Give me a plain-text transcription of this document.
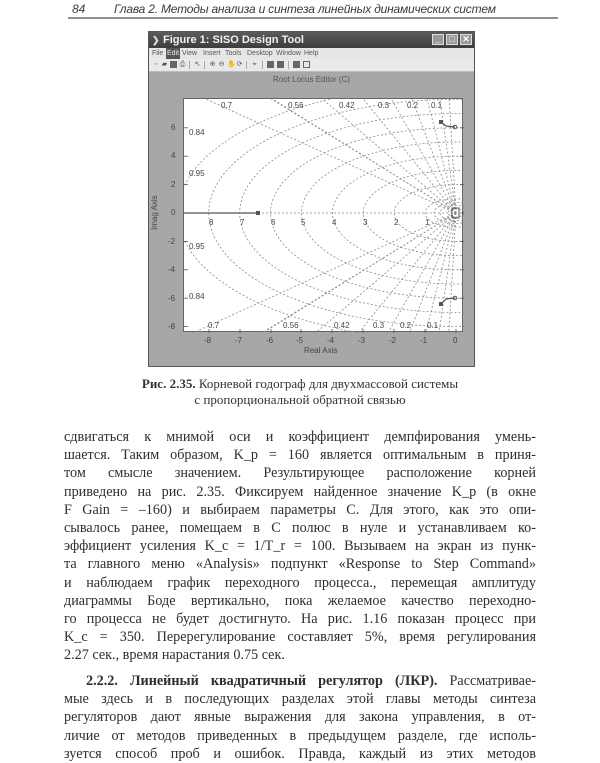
84 Глава 2. Методы анализа и синтеза линейных динамических систем
❯ Figure 1: SISO Design Tool	_ □ ✕
File Edit View Insert Tools Desktop Window Help
▫ ▰ ⎙ ↖ ⊕ ⊖ ✋ ⟳ ⌖
Root Locus Editor (C)
0.7	0.56	0.42	0.3 0.2 0.1
0.84
0.95
0.95
0.84
0.7	0.56	0.42	0.3 0.2 0.1
8	7	6	5	4	3	2	1
6
4
2
0
-2
-4
-6
-8
-8	-7	-6	-5	-4	-3	-2	-1	0
Imag Axis
Real Axis
Рис. 2.35. Корневой годограф для двухмассовой системы
с пропорциональной обратной связью
сдвигаться к мнимой оси и коэффициент демпфирования умень-
шается. Таким образом, K_p = 160 является оптимальным в приня-
том смысле значением. Результирующее расположение корней
приведено на рис. 2.35. Фиксируем найденное значение K_p (в окне
F Gain = –160) и выбираем параметры C. Для этого, как это опи-
сывалось ранее, помещаем в C полюс в нуле и устанавливаем ко-
эффициент усиления K_c = 1/T_r = 100. Вызываем на экран из пунк-
та главного меню «Analysis» подпункт «Response to Step Command»
и наблюдаем график переходного процесса., перемещая амплитуду
диаграммы Боде вертикально, пока желаемое качество переходно-
го процесса не будет достигнуто. На рис. 1.16 показан процесс при
K_c = 350. Перерегулирование составляет 5%, время регулирования
2.27 сек., время нарастания 0.75 сек.
2.2.2. Линейный квадратичный регулятор (ЛКР). Рассматривае-
мые здесь и в последующих разделах этой главы методы синтеза
регуляторов дают явные выражения для закона управления, в от-
личие от методов приведенных в предыдущем разделе, где исполь-
зуется способ проб и ошибок. Правда, каждый из этих методов
